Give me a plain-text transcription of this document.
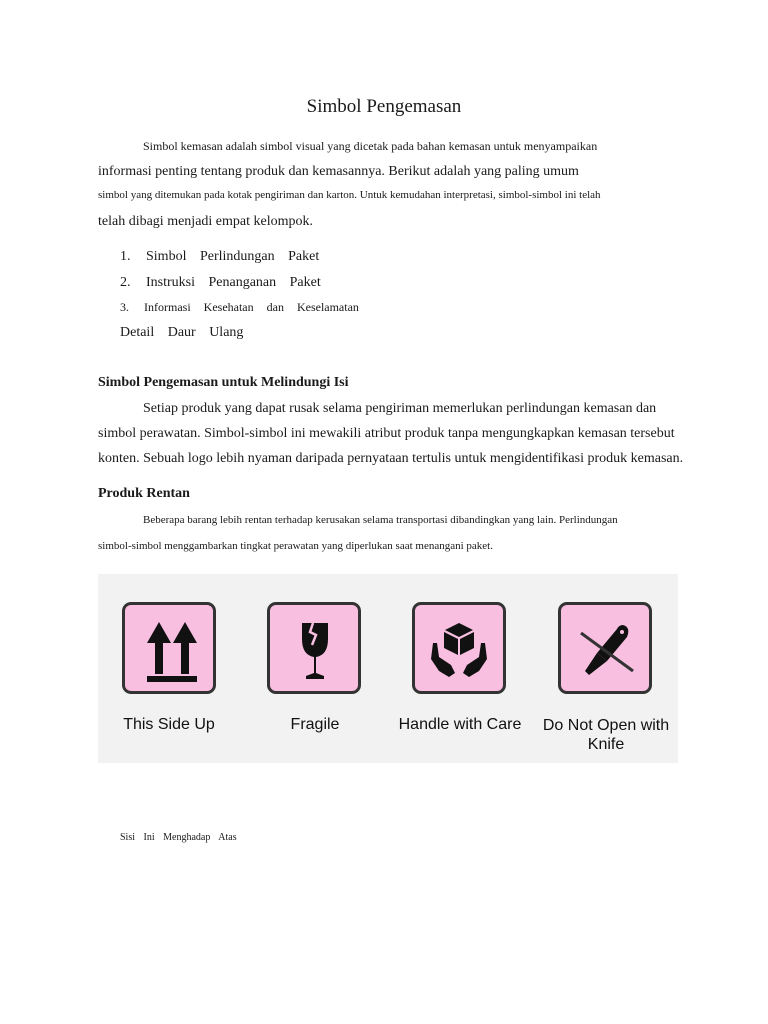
Simbol Pengemasan
Simbol kemasan adalah simbol visual yang dicetak pada bahan kemasan untuk menyampaikan
informasi penting tentang produk dan kemasannya. Berikut adalah yang paling umum
simbol yang ditemukan pada kotak pengiriman dan karton. Untuk kemudahan interpretasi, simbol-simbol ini telah
telah dibagi menjadi empat kelompok.
1. Simbol Perlindungan Paket
2. Instruksi Penanganan Paket
3. Informasi Kesehatan dan Keselamatan
Detail Daur Ulang
Simbol Pengemasan untuk Melindungi Isi
Setiap produk yang dapat rusak selama pengiriman memerlukan perlindungan kemasan dan
simbol perawatan. Simbol-simbol ini mewakili atribut produk tanpa mengungkapkan kemasan tersebut
konten. Sebuah logo lebih nyaman daripada pernyataan tertulis untuk mengidentifikasi produk kemasan.
Produk Rentan
Beberapa barang lebih rentan terhadap kerusakan selama transportasi dibandingkan yang lain. Perlindungan
simbol-simbol menggambarkan tingkat perawatan yang diperlukan saat menangani paket.
This Side Up	Fragile	Handle with Care	Do Not Open with Knife
Sisi Ini Menghadap Atas
